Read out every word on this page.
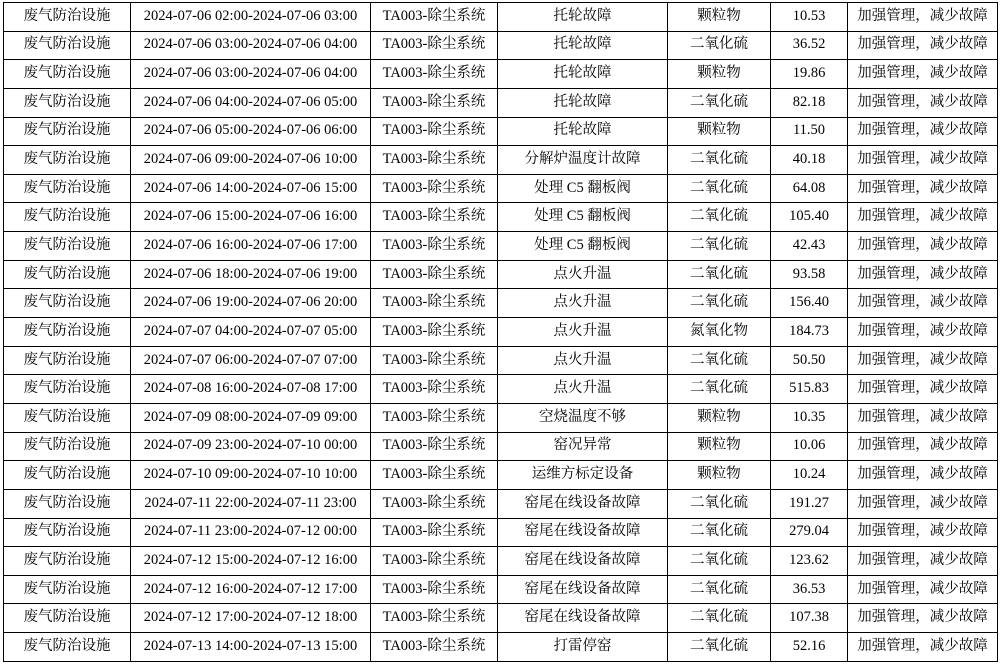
废气防治设施	2024-07-06 02:00-2024-07-06 03:00	TA003-除尘系统	托轮故障	颗粒物	10.53	加强管理，减少故障
废气防治设施	2024-07-06 03:00-2024-07-06 04:00	TA003-除尘系统	托轮故障	二氧化硫	36.52	加强管理，减少故障
废气防治设施	2024-07-06 03:00-2024-07-06 04:00	TA003-除尘系统	托轮故障	颗粒物	19.86	加强管理，减少故障
废气防治设施	2024-07-06 04:00-2024-07-06 05:00	TA003-除尘系统	托轮故障	二氧化硫	82.18	加强管理，减少故障
废气防治设施	2024-07-06 05:00-2024-07-06 06:00	TA003-除尘系统	托轮故障	颗粒物	11.50	加强管理，减少故障
废气防治设施	2024-07-06 09:00-2024-07-06 10:00	TA003-除尘系统	分解炉温度计故障	二氧化硫	40.18	加强管理，减少故障
废气防治设施	2024-07-06 14:00-2024-07-06 15:00	TA003-除尘系统	处理 C5 翻板阀	二氧化硫	64.08	加强管理，减少故障
废气防治设施	2024-07-06 15:00-2024-07-06 16:00	TA003-除尘系统	处理 C5 翻板阀	二氧化硫	105.40	加强管理，减少故障
废气防治设施	2024-07-06 16:00-2024-07-06 17:00	TA003-除尘系统	处理 C5 翻板阀	二氧化硫	42.43	加强管理，减少故障
废气防治设施	2024-07-06 18:00-2024-07-06 19:00	TA003-除尘系统	点火升温	二氧化硫	93.58	加强管理，减少故障
废气防治设施	2024-07-06 19:00-2024-07-06 20:00	TA003-除尘系统	点火升温	二氧化硫	156.40	加强管理，减少故障
废气防治设施	2024-07-07 04:00-2024-07-07 05:00	TA003-除尘系统	点火升温	氮氧化物	184.73	加强管理，减少故障
废气防治设施	2024-07-07 06:00-2024-07-07 07:00	TA003-除尘系统	点火升温	二氧化硫	50.50	加强管理，减少故障
废气防治设施	2024-07-08 16:00-2024-07-08 17:00	TA003-除尘系统	点火升温	二氧化硫	515.83	加强管理，减少故障
废气防治设施	2024-07-09 08:00-2024-07-09 09:00	TA003-除尘系统	空烧温度不够	颗粒物	10.35	加强管理，减少故障
废气防治设施	2024-07-09 23:00-2024-07-10 00:00	TA003-除尘系统	窑况异常	颗粒物	10.06	加强管理，减少故障
废气防治设施	2024-07-10 09:00-2024-07-10 10:00	TA003-除尘系统	运维方标定设备	颗粒物	10.24	加强管理，减少故障
废气防治设施	2024-07-11 22:00-2024-07-11 23:00	TA003-除尘系统	窑尾在线设备故障	二氧化硫	191.27	加强管理，减少故障
废气防治设施	2024-07-11 23:00-2024-07-12 00:00	TA003-除尘系统	窑尾在线设备故障	二氧化硫	279.04	加强管理，减少故障
废气防治设施	2024-07-12 15:00-2024-07-12 16:00	TA003-除尘系统	窑尾在线设备故障	二氧化硫	123.62	加强管理，减少故障
废气防治设施	2024-07-12 16:00-2024-07-12 17:00	TA003-除尘系统	窑尾在线设备故障	二氧化硫	36.53	加强管理，减少故障
废气防治设施	2024-07-12 17:00-2024-07-12 18:00	TA003-除尘系统	窑尾在线设备故障	二氧化硫	107.38	加强管理，减少故障
废气防治设施	2024-07-13 14:00-2024-07-13 15:00	TA003-除尘系统	打雷停窑	二氧化硫	52.16	加强管理，减少故障
